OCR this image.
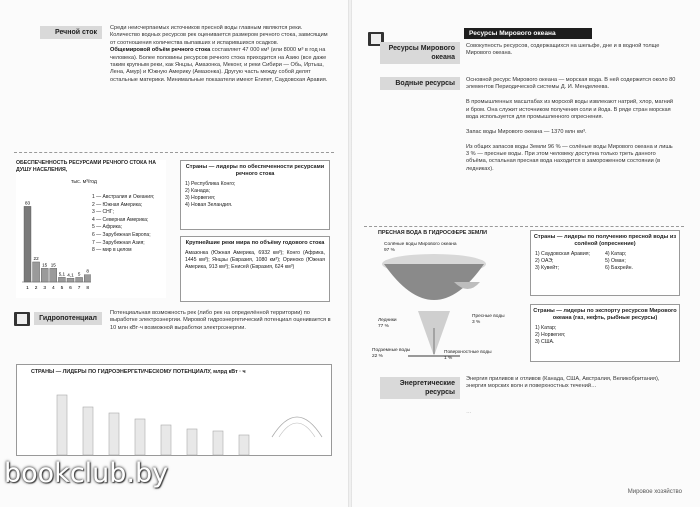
Речной сток
Среди неисчерпаемых источников пресной воды главным являются реки. Количество водных ресурсов рек оценивается размером речного стока, зависящим от соотношения количества выпавших и испарившихся осадков.
Общемировой объём речного стока составляет 47 000 км³ (или 8000 м³ в год на человека). Более половины ресурсов речного стока приходится на Азию (все даже таким крупным реки, как Янцзы, Амазонка, Меконг, и реки Сибири — Обь, Иртыш, Лена, Амур) и Южную Америку (Амазонка). Другую часть между собой делят остальные материки. Минимальные показатели имеют Египет, Саудовская Аравия.
ОБЕСПЕЧЕННОСТЬ РЕСУРСАМИ РЕЧНОГО СТОКА НА ДУШУ НАСЕЛЕНИЯ,
тыс. м³/год
83
1
22
2
15
3
15
4
5,1
5
4,1
6
5
7
8
8
1 — Австралия и Океания;
2 — Южная Америка;
3 — СНГ;
4 — Северная Америка;
5 — Африка;
6 — Зарубежная Европа;
7 — Зарубежная Азия;
8 — мир в целом
Страны — лидеры по обеспеченности ресурсами речного стока
1) Республика Конго;
2) Канада;
3) Норвегия;
4) Новая Зеландия.
Крупнейшие реки мира по объёму годового стока

Амазонка (Южная Америка, 6932 км³); Конго (Африка, 1445 км³); Янцзы (Евразия, 1080 км³); Ориноко (Южная Америка, 913 км³); Енисей (Евразия, 624 км³)

Гидропотенциал
Потенциальная возможность рек (либо рек на определённой территории) по выработке электроэнергии. Мировой гидроэнергетический потенциал оценивается в 10 млн кВт·ч возможной выработки электроэнергии.
СТРАНЫ — ЛИДЕРЫ ПО ГИДРОЭНЕРГЕТИЧЕСКОМУ ПОТЕНЦИАЛУ, млрд кВт · ч
bookclub.by
Ресурсы Мирового океана
Ресурсы Мирового океана
Совокупность ресурсов, содержащихся на шельфе, дне и в водной толще Мирового океана.
Водные ресурсы	Основной ресурс Мирового океана — морская вода. В ней содержится около 80 элементов Периодической системы Д. И. Менделеева.

В промышленных масштабах из морской воды извлекают натрий, хлор, магний и бром. Она служит источником получения соли и йода. В ряде стран морская вода используется для промышленного опреснения.

Запас воды Мирового океана — 1370 млн км³.

Из общих запасов воды Земли 96 % — солёные воды Мирового океана и лишь 3 % — пресные воды. При этом человеку доступна только треть данного объёма, остальная пресная вода находится в замороженном состоянии (в ледниках).
ПРЕСНАЯ ВОДА В ГИДРОСФЕРЕ ЗЕМЛИ
Солёные воды Мирового океана
97 %
Пресные воды
3 %
Ледники
77 %
Подземные воды
22 %
Поверхностные воды
1 %
Страны — лидеры по получению пресной воды из солёной (опреснение)
1) Саудовская Аравия;
2) ОАЭ;
3) Кувейт;
4) Катар;
5) Оман;
6) Бахрейн.
Страны — лидеры по экспорту ресурсов Мирового океана (газ, нефть, рыбные ресурсы)
1) Катар;
2) Норвегия;
3) США.
Энергетические ресурсы
Энергия приливов и отливов (Канада, США, Австралия, Великобритания), энергия морских волн и поверхностных течений…
…
Мировое хозяйство
